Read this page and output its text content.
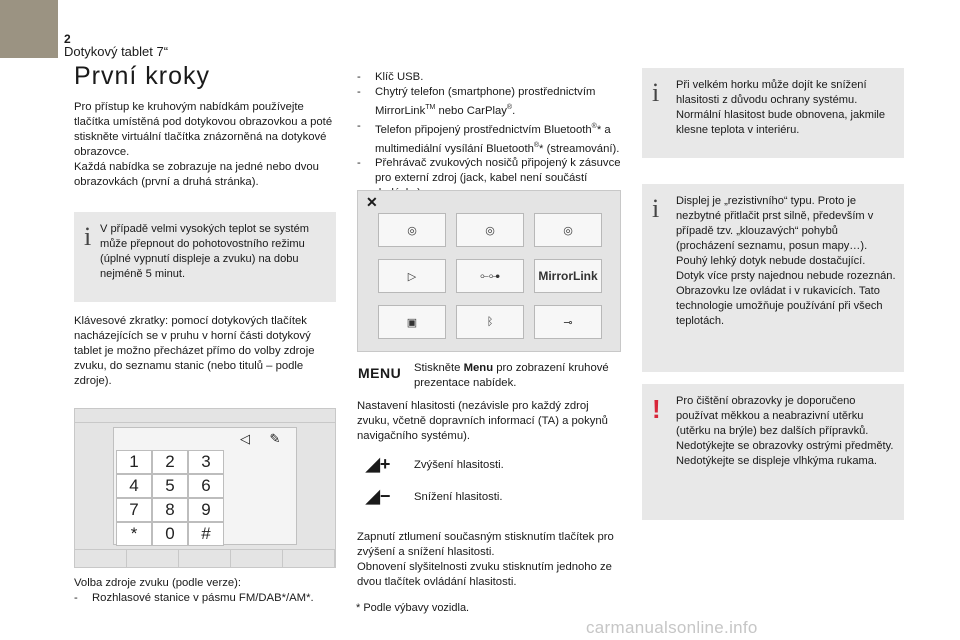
2
Dotykový tablet 7“
První kroky

Pro přístup ke kruhovým nabídkám používejte tlačítka umístěná pod dotykovou obrazovkou a poté stiskněte virtuální tlačítka znázorněná na dotykové obrazovce.

Každá nabídka se zobrazuje na jedné nebo dvou obrazovkách (první a druhá stránka).

i V případě velmi vysokých teplot se systém může přepnout do pohotovostního režimu (úplné vypnutí displeje a zvuku) na dobu nejméně 5 minut.

Klávesové zkratky: pomocí dotykových tlačítek nacházejících se v pruhu v horní části dotykový tablet je možno přecházet přímo do volby zdroje zvuku, do seznamu stanic (nebo titulů – podle zdroje).

◁	✎
1	2	3
4	5	6
7	8	9
*	0	#

Volba zdroje zvuku (podle verze):

- Rozhlasové stanice v pásmu FM/DAB*/AM*.
- Klíč USB.
- Chytrý telefon (smartphone) prostřednictvím MirrorLink™ nebo CarPlay®.
- Telefon připojený prostřednictvím Bluetooth®* a multimediální vysílání Bluetooth®* (streamování).
- Přehrávač zvukových nosičů připojený k zásuvce pro externí zdroj (jack, kabel není součástí
✕
◎	◎	◎
▷	⟜⊶	MirrorLink
▣	ᛒ	⊸
MENU Stiskněte Menu pro zobrazení kruhové prezentace nabídek.

Nastavení hlasitosti (nezávisle pro každý zdroj zvuku, včetně dopravních informací (TA) a pokynů navigačního systému).

◢+ Zvýšení hlasitosti.

◢− Snížení hlasitosti.

Zapnutí ztlumení současným stisknutím tlačítek pro zvýšení a snížení hlasitosti.

Obnovení slyšitelnosti zvuku stisknutím jednoho ze dvou tlačítek ovládání hlasitosti.

* Podle výbavy vozidla.
i Při velkém horku může dojít ke snížení hlasitosti z důvodu ochrany systému. Normální hlasitost bude obnovena, jakmile klesne teplota v interiéru.
i Displej je „rezistivního“ typu. Proto je nezbytné přitlačit prst silně, především v případě tzv. „klouzavých“ pohybů (procházení seznamu, posun mapy…). Pouhý lehký dotyk nebude dostačující. Dotyk více prsty najednou nebude rozeznán.
Obrazovku lze ovládat i v rukavicích. Tato technologie umožňuje používání při všech teplotách.
! Pro čištění obrazovky je doporučeno používat měkkou a neabrazivní utěrku (utěrku na brýle) bez dalších přípravků.
Nedotýkejte se obrazovky ostrými předměty.
Nedotýkejte se displeje vlhkýma rukama.
carmanualsonline.info
